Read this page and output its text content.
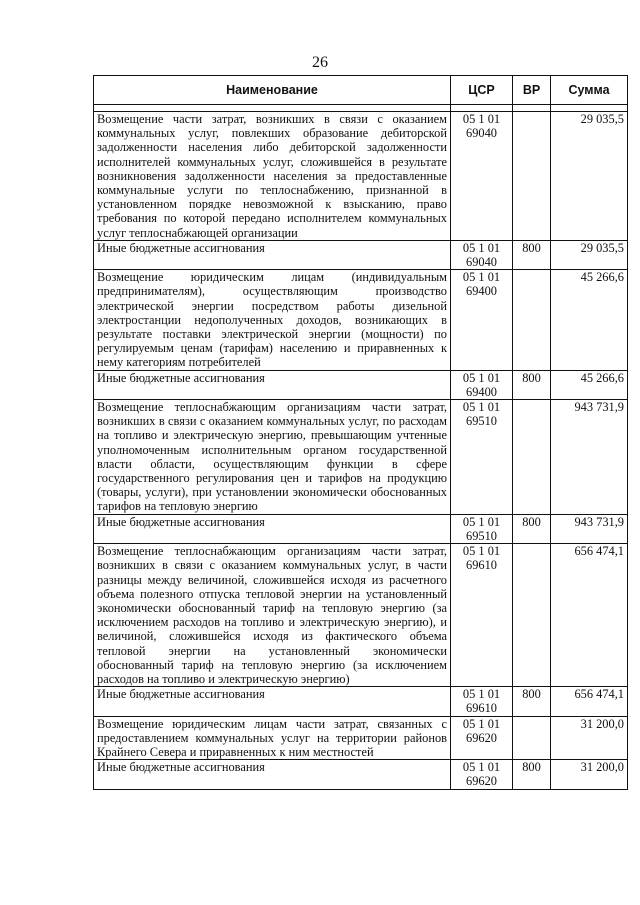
26
Наименование	ЦСР	ВР	Сумма

Возмещение части затрат, возникших в связи с оказанием коммунальных услуг, повлекших образование дебиторской задолженности населения либо дебиторской задолженности исполнителей коммунальных услуг, сложившейся в результате возникновения задолженности населения за предоставленные коммунальные услуги по теплоснабжению, признанной в установленном порядке невозможной к взысканию, право требования по которой передано исполнителем коммунальных услуг теплоснабжающей организации	05 1 01 69040		29 035,5
Иные бюджетные ассигнования	05 1 01 69040	800	29 035,5
Возмещение юридическим лицам (индивидуальным предпринимателям), осуществляющим производство электрической энергии посредством работы дизельной электростанции недополученных доходов, возникающих в результате поставки электрической энергии (мощности) по регулируемым ценам (тарифам) населению и приравненных к нему категориям потребителей	05 1 01 69400		45 266,6
Иные бюджетные ассигнования	05 1 01 69400	800	45 266,6
Возмещение теплоснабжающим организациям части затрат, возникших в связи с оказанием коммунальных услуг, по расходам на топливо и электрическую энергию, превышающим учтенные уполномоченным исполнительным органом государственной власти области, осуществляющим функции в сфере государственного регулирования цен и тарифов на продукцию (товары, услуги), при установлении экономически обоснованных тарифов на тепловую энергию	05 1 01 69510		943 731,9
Иные бюджетные ассигнования	05 1 01 69510	800	943 731,9
Возмещение теплоснабжающим организациям части затрат, возникших в связи с оказанием коммунальных услуг, в части разницы между величиной, сложившейся исходя из расчетного объема полезного отпуска тепловой энергии на установленный экономически обоснованный тариф на тепловую энергию (за исключением расходов на топливо и электрическую энергию), и величиной, сложившейся исходя из фактического объема тепловой энергии на установленный экономически обоснованный тариф на тепловую энергию (за исключением расходов на топливо и электрическую энергию)	05 1 01 69610		656 474,1
Иные бюджетные ассигнования	05 1 01 69610	800	656 474,1
Возмещение юридическим лицам части затрат, связанных с предоставлением коммунальных услуг на территории районов Крайнего Севера и приравненных к ним местностей	05 1 01 69620		31 200,0
Иные бюджетные ассигнования	05 1 01 69620	800	31 200,0
